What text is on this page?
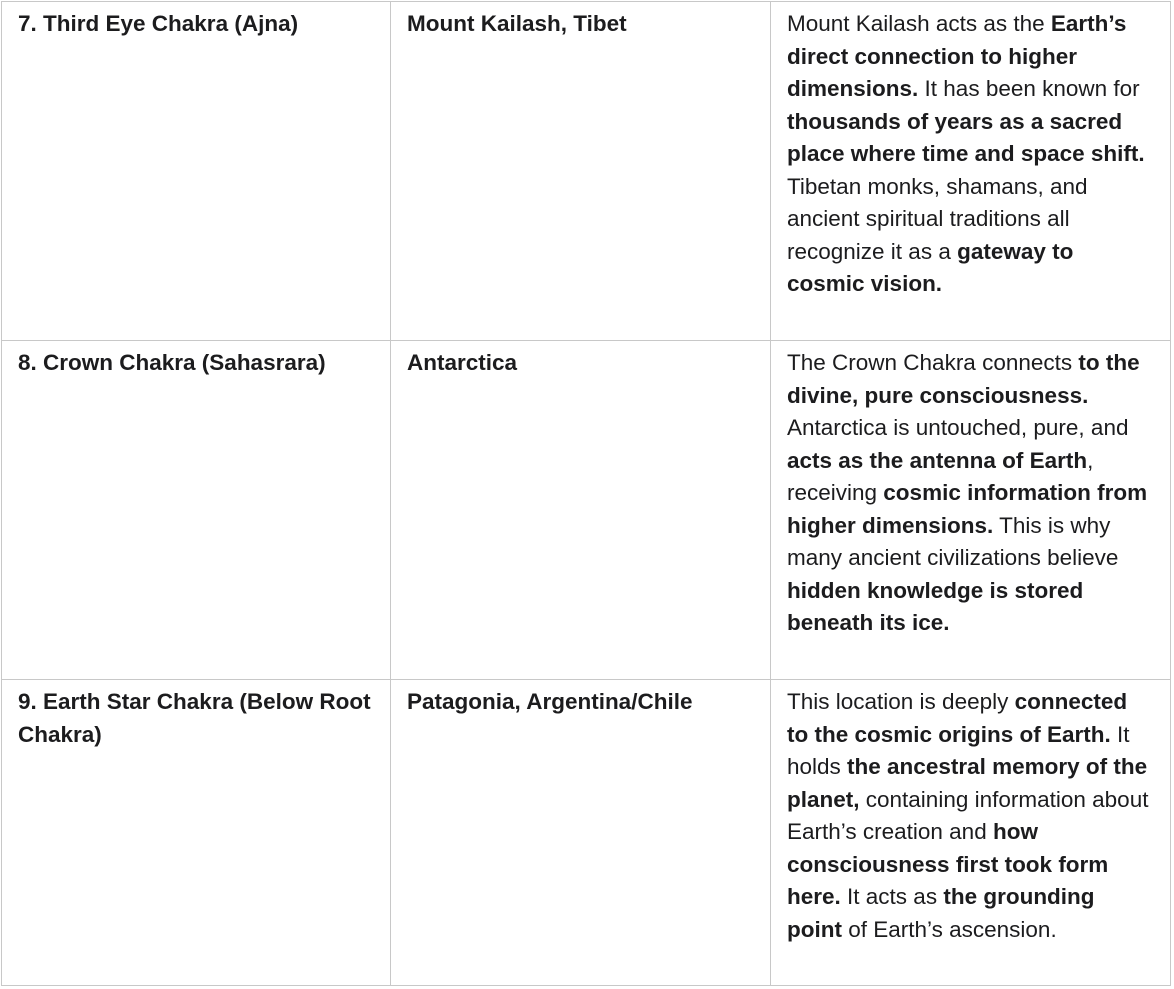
7. Third Eye Chakra (Ajna)	Mount Kailash, Tibet	Mount Kailash acts as the Earth’s direct connection to higher dimensions. It has been known for thousands of years as a sacred place where time and space shift. Tibetan monks, shamans, and ancient spiritual traditions all recognize it as a gateway to cosmic vision.
8. Crown Chakra (Sahasrara)	Antarctica	The Crown Chakra connects to the divine, pure consciousness. Antarctica is untouched, pure, and acts as the antenna of Earth, receiving cosmic information from higher dimensions. This is why many ancient civilizations believe hidden knowledge is stored beneath its ice.
9. Earth Star Chakra (Below Root Chakra)	Patagonia, Argentina/Chile	This location is deeply connected to the cosmic origins of Earth. It holds the ancestral memory of the planet, containing information about Earth’s creation and how consciousness first took form here. It acts as the grounding point of Earth’s ascension.
